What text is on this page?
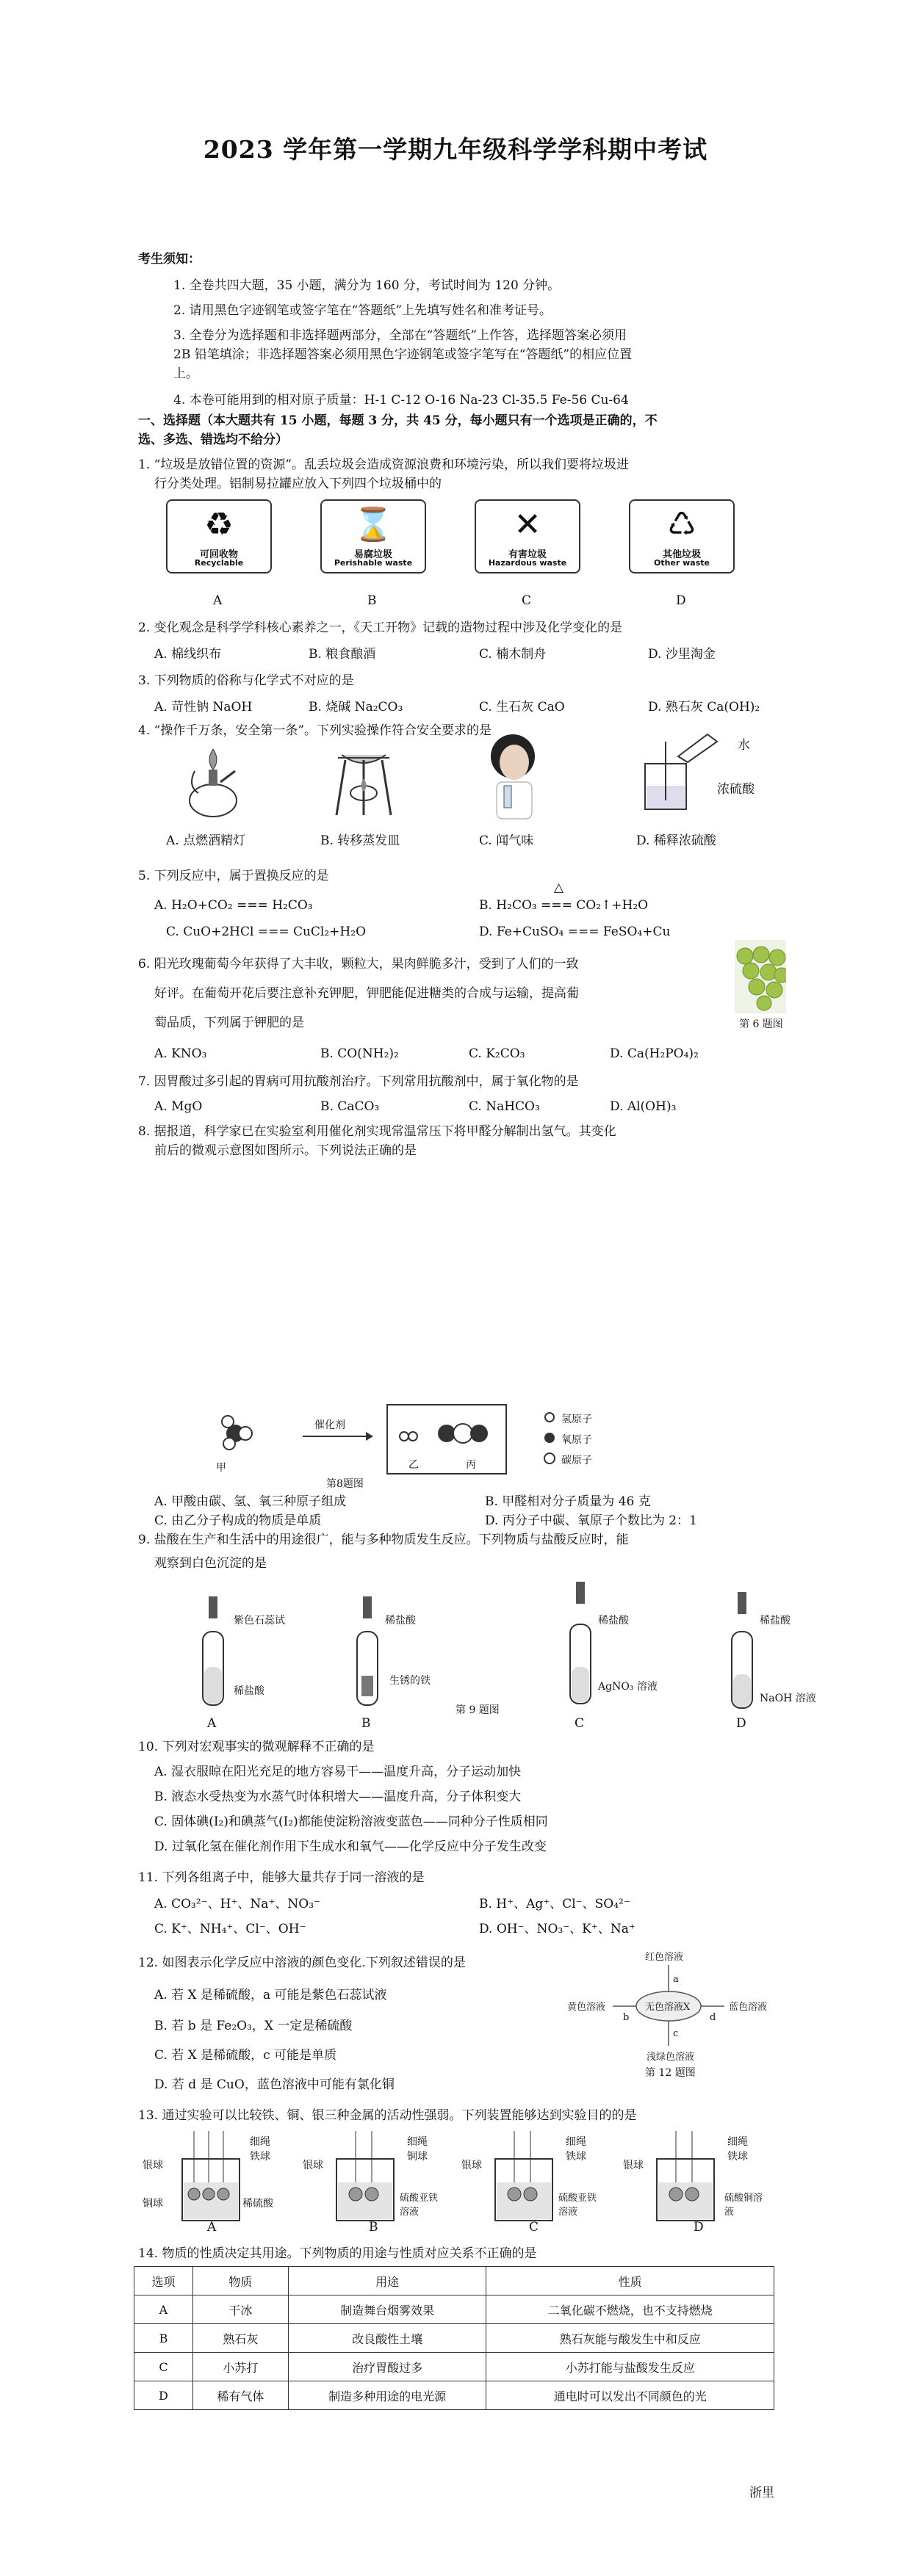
2023 学年第一学期九年级科学学科期中考试
考生须知：
1. 全卷共四大题，35 小题，满分为 160 分，考试时间为 120 分钟。
2. 请用黑色字迹钢笔或签字笔在“答题纸”上先填写姓名和准考证号。
3. 全卷分为选择题和非选择题两部分，全部在“答题纸”上作答，选择题答案必须用
2B 铅笔填涂；非选择题答案必须用黑色字迹钢笔或签字笔写在“答题纸”的相应位置
上。
4. 本卷可能用到的相对原子质量：H-1 C-12 O-16 Na-23 Cl-35.5 Fe-56 Cu-64
一、选择题（本大题共有 15 小题，每题 3 分，共 45 分，每小题只有一个选项是正确的，不
选、多选、错选均不给分）
1. “垃圾是放错位置的资源”。乱丢垃圾会造成资源浪费和环境污染，所以我们要将垃圾进
行分类处理。铝制易拉罐应放入下列四个垃圾桶中的
♻
可回收物
Recyclable
⌛
易腐垃圾
Perishable waste
✕
有害垃圾
Hazardous waste
♺
其他垃圾
Other waste
A	B	C	D
2. 变化观念是科学学科核心素养之一，《天工开物》记载的造物过程中涉及化学变化的是
A. 棉线织布	B. 粮食酿酒	C. 楠木制舟	D. 沙里淘金
3. 下列物质的俗称与化学式不对应的是
A. 苛性钠 NaOH	B. 烧碱 Na₂CO₃	C. 生石灰 CaO	D. 熟石灰 Ca(OH)₂
4. “操作千万条，安全第一条”。下列实验操作符合安全要求的是
水
浓硫酸
A. 点燃酒精灯	B. 转移蒸发皿	C. 闻气味	D. 稀释浓硫酸
5. 下列反应中，属于置换反应的是
△
A. H₂O+CO₂ === H₂CO₃	B. H₂CO₃ === CO₂↑+H₂O
C. CuO+2HCl === CuCl₂+H₂O	D. Fe+CuSO₄ === FeSO₄+Cu
6. 阳光玫瑰葡萄今年获得了大丰收，颗粒大，果肉鲜脆多汁，受到了人们的一致
好评。在葡萄开花后要注意补充钾肥，钾肥能促进糖类的合成与运输，提高葡
萄品质，下列属于钾肥的是	第 6 题图
A. KNO₃	B. CO(NH₂)₂	C. K₂CO₃	D. Ca(H₂PO₄)₂
7. 因胃酸过多引起的胃病可用抗酸剂治疗。下列常用抗酸剂中，属于氧化物的是
A. MgO	B. CaCO₃	C. NaHCO₃	D. Al(OH)₃
8. 据报道，科学家已在实验室利用催化剂实现常温常压下将甲醛分解制出氢气。其变化
前后的微观示意图如图所示。下列说法正确的是
甲
催化剂
乙	丙
氢原子
氧原子
碳原子
第8题图
A. 甲酸由碳、氢、氧三种原子组成	B. 甲醛相对分子质量为 46 克
C. 由乙分子构成的物质是单质	D. 丙分子中碳、氧原子个数比为 2：1
9. 盐酸在生产和生活中的用途很广，能与多种物质发生反应。下列物质与盐酸反应时，能
观察到白色沉淀的是
紫色石蕊试
稀盐酸
稀盐酸
生锈的铁
稀盐酸
AgNO₃ 溶液
稀盐酸
NaOH 溶液
A	B	C	D
第 9 题图
10. 下列对宏观事实的微观解释不正确的是
A. 湿衣服晾在阳光充足的地方容易干——温度升高，分子运动加快
B. 液态水受热变为水蒸气时体积增大——温度升高，分子体积变大
C. 固体碘(I₂)和碘蒸气(I₂)都能使淀粉溶液变蓝色——同种分子性质相同
D. 过氧化氢在催化剂作用下生成水和氧气——化学反应中分子发生改变
11. 下列各组离子中，能够大量共存于同一溶液的是
A. CO₃²⁻、H⁺、Na⁺、NO₃⁻	B. H⁺、Ag⁺、Cl⁻、SO₄²⁻
C. K⁺、NH₄⁺、Cl⁻、OH⁻	D. OH⁻、NO₃⁻、K⁺、Na⁺
12. 如图表示化学反应中溶液的颜色变化.下列叙述错误的是
A. 若 X 是稀硫酸，a 可能是紫色石蕊试液
B. 若 b 是 Fe₂O₃，X 一定是稀硫酸
C. 若 X 是稀硫酸，c 可能是单质
D. 若 d 是 CuO，蓝色溶液中可能有氯化铜
红色溶液
黄色溶液	无色溶液X	蓝色溶液
浅绿色溶液
a
b
c
d
第 12 题图
13. 通过实验可以比较铁、铜、银三种金属的活动性强弱。下列装置能够达到实验目的的是
细绳
铁球
银球
铜球	稀硫酸
细绳
铜球
银球
硫酸亚铁溶液
细绳
铁球
银球
硫酸亚铁溶液
细绳
铁球
银球
硫酸铜溶液
A	B	C	D
14. 物质的性质决定其用途。下列物质的用途与性质对应关系不正确的是
选项	物质	用途	性质
A	干冰	制造舞台烟雾效果	二氧化碳不燃烧，也不支持燃烧
B	熟石灰	改良酸性土壤	熟石灰能与酸发生中和反应
C	小苏打	治疗胃酸过多	小苏打能与盐酸发生反应
D	稀有气体	制造多种用途的电光源	通电时可以发出不同颜色的光
浙里
